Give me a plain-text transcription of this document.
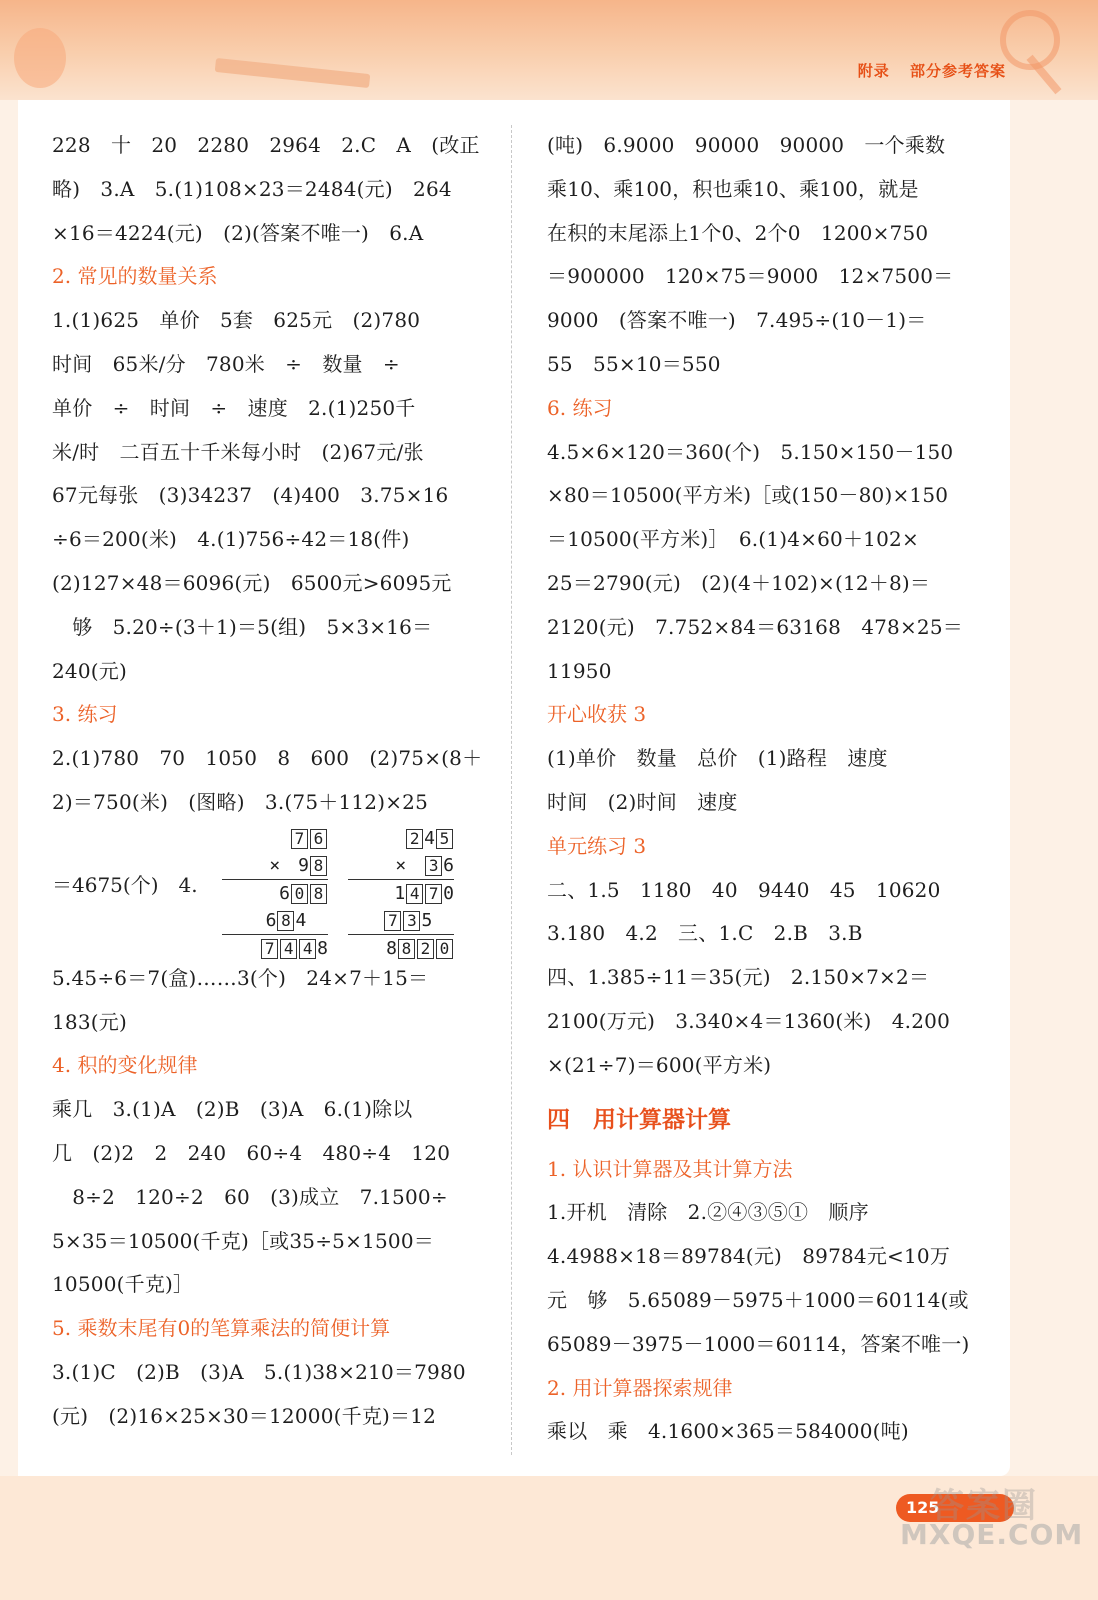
附录 部分参考答案
228　十　20　2280　2964　2.C　A　(改正
略)　3.A　5.(1)108×23＝2484(元)　264
×16＝4224(元)　(2)(答案不唯一)　6.A
2. 常见的数量关系
1.(1)625　单价　5套　625元　(2)780
时间　65米/分　780米　÷　数量　÷
单价　÷　时间　÷　速度　2.(1)250千
米/时　二百五十千米每小时　(2)67元/张
67元每张　(3)34237　(4)400　3.75×16
÷6＝200(米)　4.(1)756÷42＝18(件)
(2)127×48＝6096(元)　6500元>6095元
　够　5.20÷(3＋1)＝5(组)　5×3×16＝
240(元)
3. 练习
2.(1)780　70　1050　8　600　(2)75×(8＋
2)＝750(米)　(图略)　3.(75＋112)×25
＝4675(个)　4.
7 6
×　 9 8
6 0 8
6 8 4
7 4 4 8
2 4 5
×　 3 6
1 4 7 0
7 3 5
8 8 2 0
5.45÷6＝7(盒)……3(个)　24×7＋15＝
183(元)
4. 积的变化规律
乘几　3.(1)A　(2)B　(3)A　6.(1)除以
几　(2)2　2　240　60÷4　480÷4　120
　8÷2　120÷2　60　(3)成立　7.1500÷
5×35＝10500(千克)［或35÷5×1500＝
10500(千克)］
5. 乘数末尾有0的笔算乘法的简便计算
3.(1)C　(2)B　(3)A　5.(1)38×210＝7980
(元)　(2)16×25×30＝12000(千克)＝12
(吨)　6.9000　90000　90000　一个乘数
乘10、乘100，积也乘10、乘100，就是
在积的末尾添上1个0、2个0　1200×750
＝900000　120×75＝9000　12×7500＝
9000　(答案不唯一)　7.495÷(10－1)＝
55　55×10＝550
6. 练习
4.5×6×120＝360(个)　5.150×150－150
×80＝10500(平方米)［或(150－80)×150
＝10500(平方米)］　6.(1)4×60＋102×
25＝2790(元)　(2)(4＋102)×(12＋8)＝
2120(元)　7.752×84＝63168　478×25＝
11950
开心收获 3
(1)单价　数量　总价　(1)路程　速度
时间　(2)时间　速度
单元练习 3
二、1.5　1180　40　9440　45　10620
3.180　4.2　三、1.C　2.B　3.B
四、1.385÷11＝35(元)　2.150×7×2＝
2100(万元)　3.340×4＝1360(米)　4.200
×(21÷7)＝600(平方米)
四　用计算器计算
1. 认识计算器及其计算方法
1.开机　清除　2.②④③⑤①　顺序
4.4988×18＝89784(元)　89784元<10万
元　够　5.65089－5975＋1000＝60114(或
65089－3975－1000＝60114，答案不唯一)
2. 用计算器探索规律
乘以　乘　4.1600×365＝584000(吨)
125
答案圈
MXQE.COM
